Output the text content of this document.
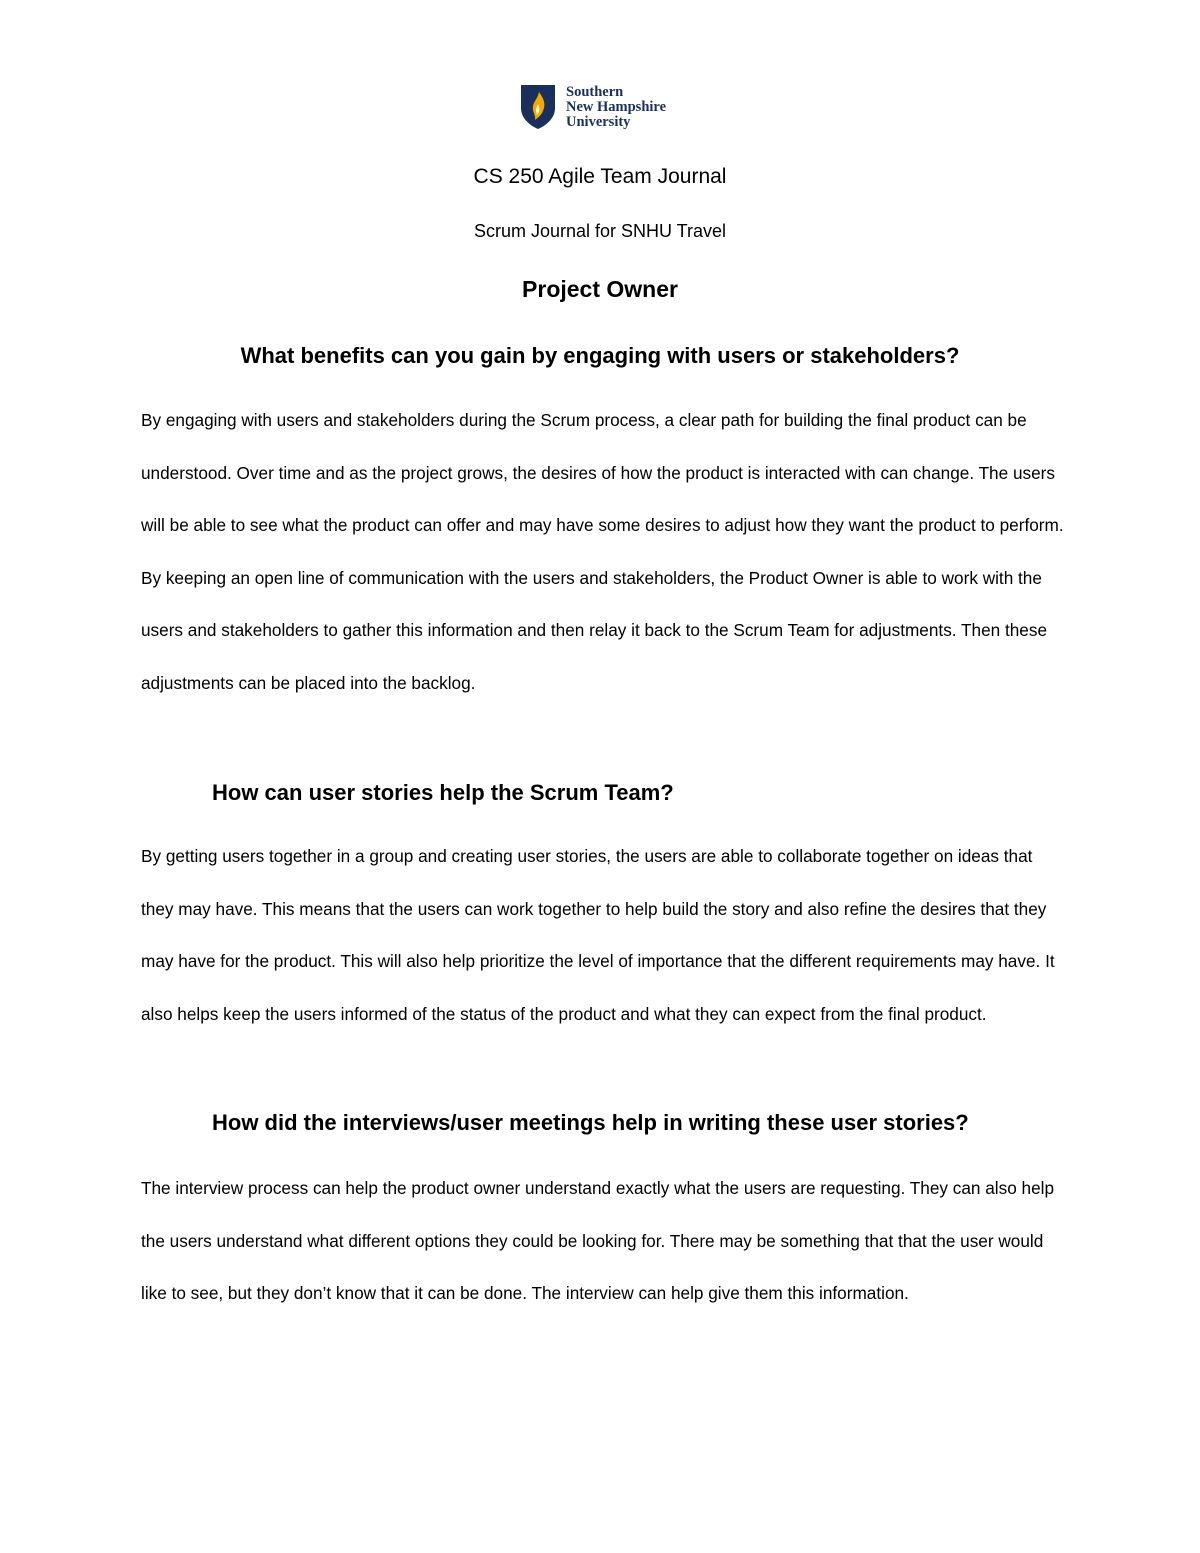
Southern
New Hampshire
University
CS 250 Agile Team Journal
Scrum Journal for SNHU Travel
Project Owner
What benefits can you gain by engaging with users or stakeholders?

By engaging with users and stakeholders during the Scrum process, a clear path for building the final product can be understood. Over time and as the project grows, the desires of how the product is interacted with can change. The users will be able to see what the product can offer and may have some desires to adjust how they want the product to perform. By keeping an open line of communication with the users and stakeholders, the Product Owner is able to work with the users and stakeholders to gather this information and then relay it back to the Scrum Team for adjustments. Then these adjustments can be placed into the backlog.

How can user stories help the Scrum Team?

By getting users together in a group and creating user stories, the users are able to collaborate together on ideas that they may have. This means that the users can work together to help build the story and also refine the desires that they may have for the product. This will also help prioritize the level of importance that the different requirements may have. It also helps keep the users informed of the status of the product and what they can expect from the final product.

How did the interviews/user meetings help in writing these user stories?

The interview process can help the product owner understand exactly what the users are requesting. They can also help the users understand what different options they could be looking for. There may be something that that the user would like to see, but they don’t know that it can be done. The interview can help give them this information.
